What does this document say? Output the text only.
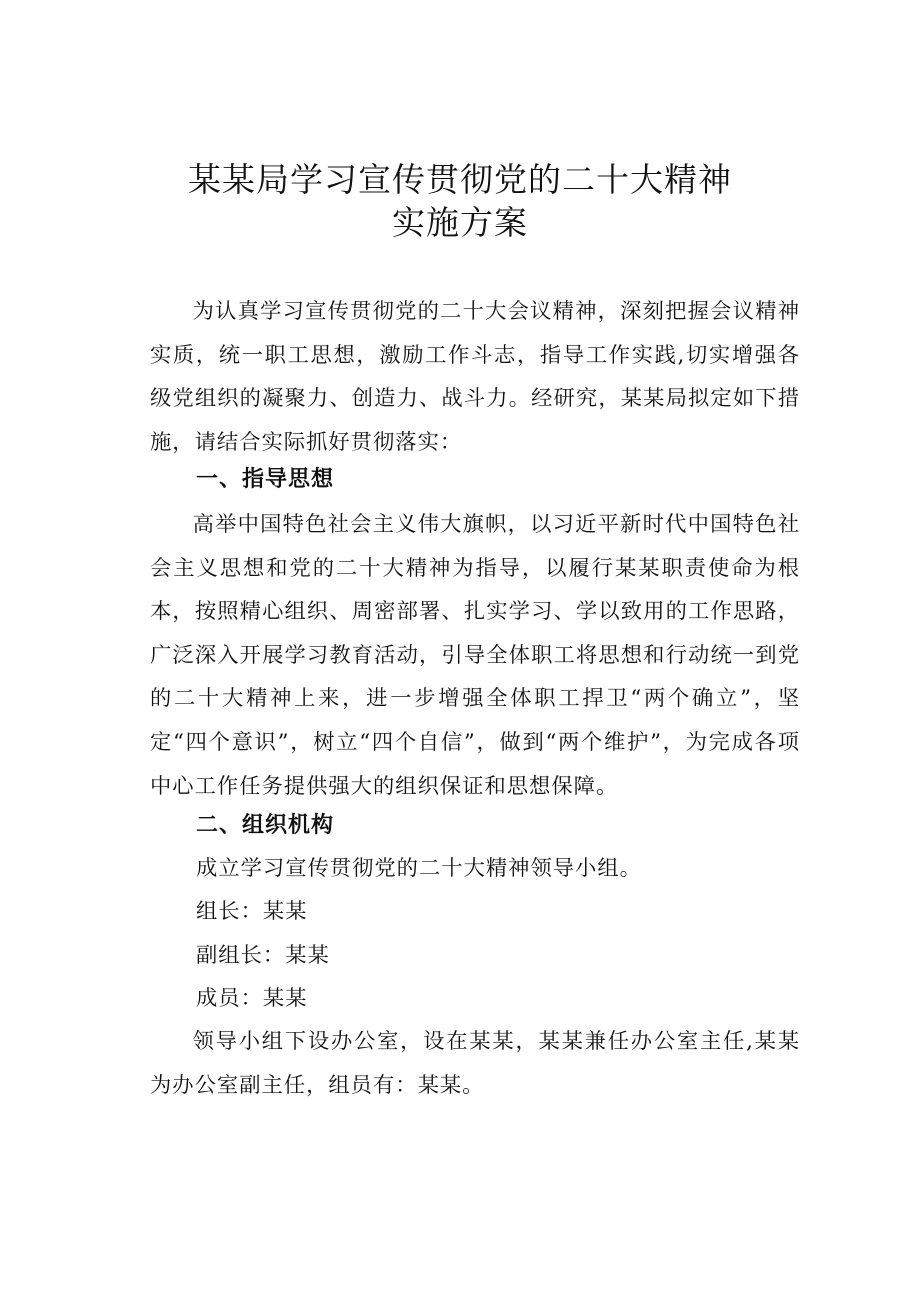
某某局学习宣传贯彻党的二十大精神
实施方案

为认真学习宣传贯彻党的二十大会议精神，深刻把握会议精神实质，统一职工思想，激励工作斗志，指导工作实践,切实增强各级党组织的凝聚力、创造力、战斗力。经研究，某某局拟定如下措施，请结合实际抓好贯彻落实：

一、指导思想

高举中国特色社会主义伟大旗帜，以习近平新时代中国特色社会主义思想和党的二十大精神为指导，以履行某某职责使命为根本，按照精心组织、周密部署、扎实学习、学以致用的工作思路，广泛深入开展学习教育活动，引导全体职工将思想和行动统一到党的二十大精神上来，进一步增强全体职工捍卫“两个确立”，坚定“四个意识”，树立“四个自信”，做到“两个维护”，为完成各项中心工作任务提供强大的组织保证和思想保障。

二、组织机构
成立学习宣传贯彻党的二十大精神领导小组。
组长：某某
副组长：某某
成员：某某

领导小组下设办公室，设在某某，某某兼任办公室主任,某某为办公室副主任，组员有：某某。
